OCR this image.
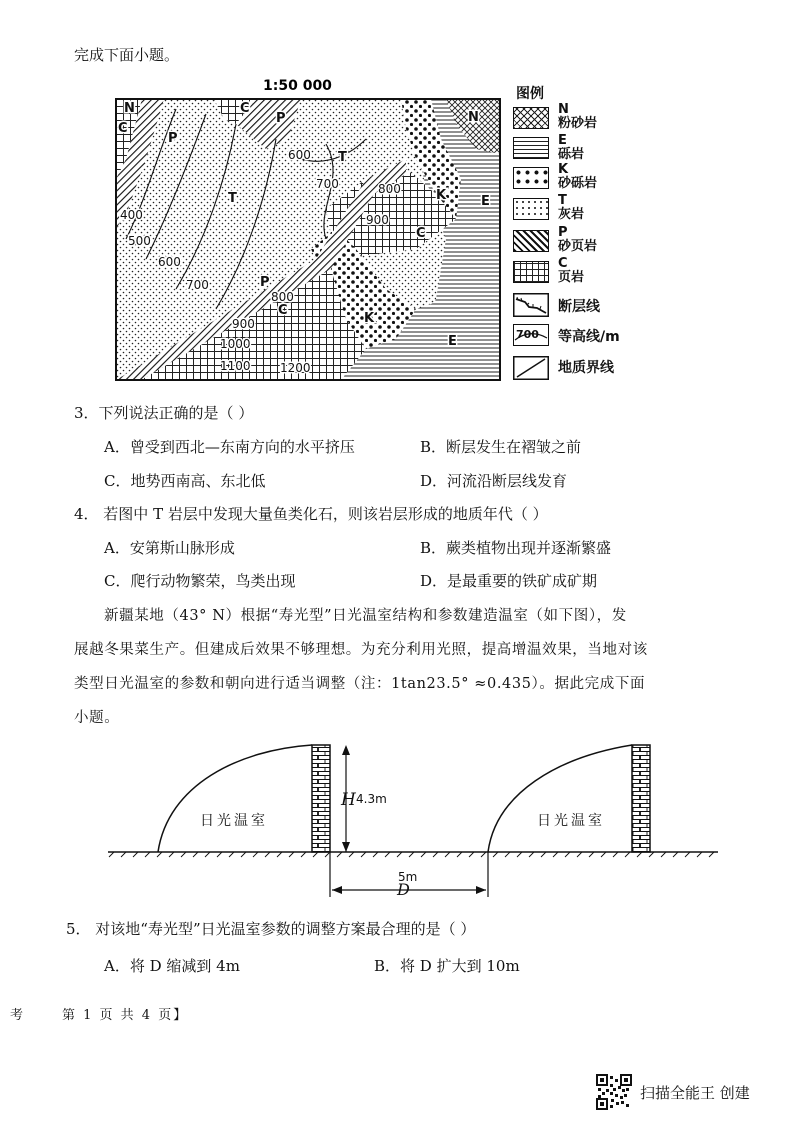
完成下面小题。
1:50 000
N
C
C
P
P
T
T
C
K	E
N
P
C
K
E
400
500
600
700
600
700	800
900
800
900
1000
1100 1200
图例
N
粉砂岩
E
砾岩
K
砂砾岩
T
灰岩
P
砂页岩
C
页岩
断层线
700 等高线/m
地质界线
3．下列说法正确的是（ ）
A．曾受到西北—东南方向的水平挤压	B．断层发生在褶皱之前
C．地势西南高、东北低	D．河流沿断层线发育
4． 若图中 T 岩层中发现大量鱼类化石，则该岩层形成的地质年代（ ）
A．安第斯山脉形成	B．蕨类植物出现并逐渐繁盛
C．爬行动物繁荣，鸟类出现	D．是最重要的铁矿成矿期
新疆某地（43° N）根据“寿光型”日光温室结构和参数建造温室（如下图），发
展越冬果菜生产。但建成后效果不够理想。为充分利用光照，提高增温效果，当地对该
类型日光温室的参数和朝向进行适当调整（注：1tan23.5° ≈0.435）。据此完成下面
小题。
日光温室	日光温室
H 4.3m
5m
D
5． 对该地“寿光型”日光温室参数的调整方案最合理的是（ ）
A．将 D 缩减到 4m	B．将 D 扩大到 10m
考	第 1 页 共 4 页】
扫描全能王 创建
